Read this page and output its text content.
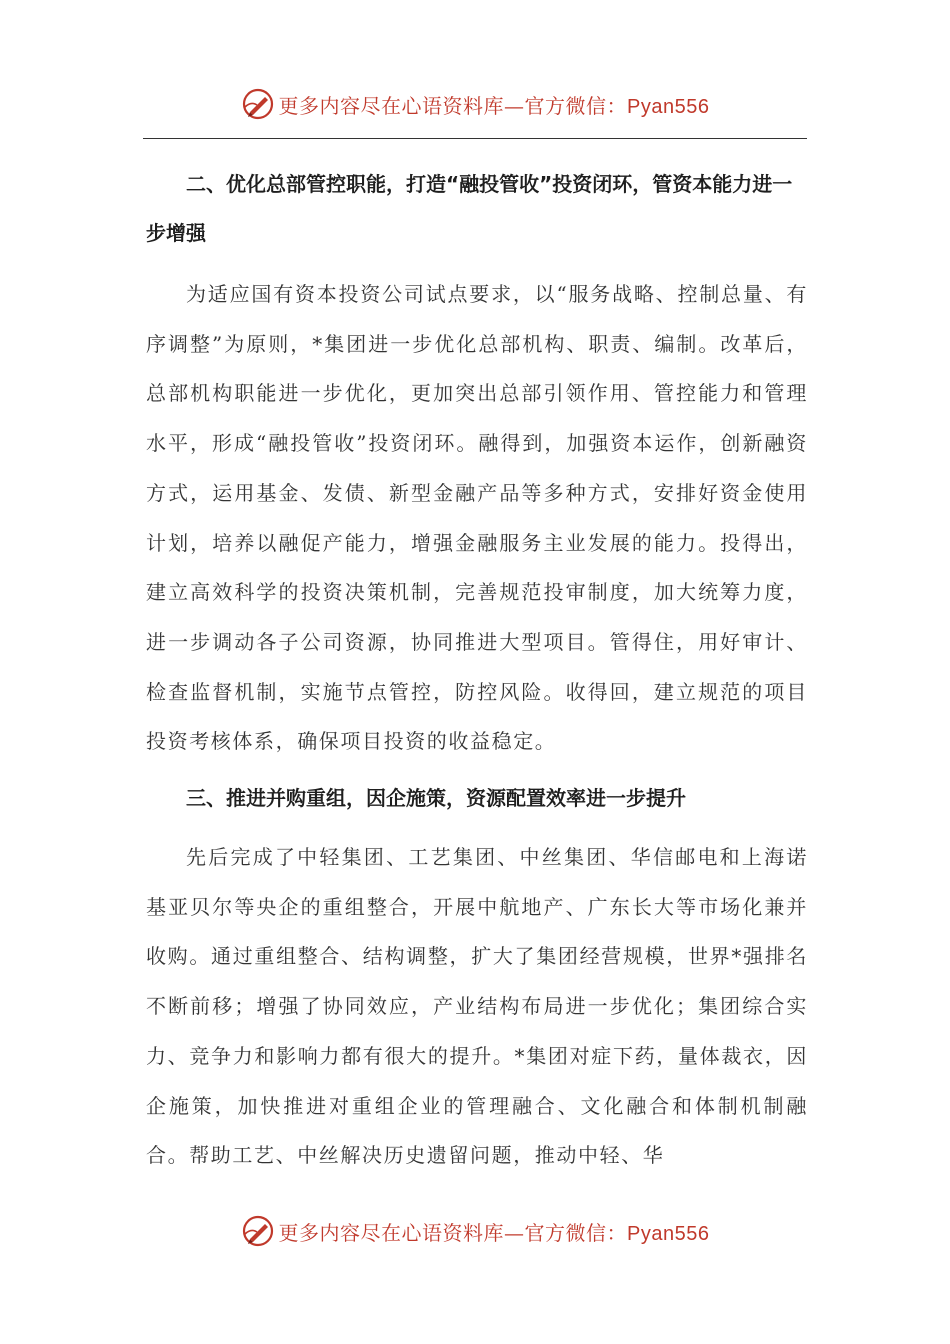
更多内容尽在心语资料库—官方微信：Pyan556

二、优化总部管控职能，打造“融投管收”投资闭环，管资本能力进一步增强

为适应国有资本投资公司试点要求，以“服务战略、控制总量、有序调整”为原则，*集团进一步优化总部机构、职责、编制。改革后，总部机构职能进一步优化，更加突出总部引领作用、管控能力和管理水平，形成“融投管收”投资闭环。融得到，加强资本运作，创新融资方式，运用基金、发债、新型金融产品等多种方式，安排好资金使用计划，培养以融促产能力，增强金融服务主业发展的能力。投得出，建立高效科学的投资决策机制，完善规范投审制度，加大统筹力度，进一步调动各子公司资源，协同推进大型项目。管得住，用好审计、检查监督机制，实施节点管控，防控风险。收得回，建立规范的项目投资考核体系，确保项目投资的收益稳定。

三、推进并购重组，因企施策，资源配置效率进一步提升

先后完成了中轻集团、工艺集团、中丝集团、华信邮电和上海诺基亚贝尔等央企的重组整合，开展中航地产、广东长大等市场化兼并收购。通过重组整合、结构调整，扩大了集团经营规模，世界*强排名不断前移；增强了协同效应，产业结构布局进一步优化；集团综合实力、竞争力和影响力都有很大的提升。*集团对症下药，量体裁衣，因企施策，加快推进对重组企业的管理融合、文化融合和体制机制融合。帮助工艺、中丝解决历史遗留问题，推动中轻、华

更多内容尽在心语资料库—官方微信：Pyan556
